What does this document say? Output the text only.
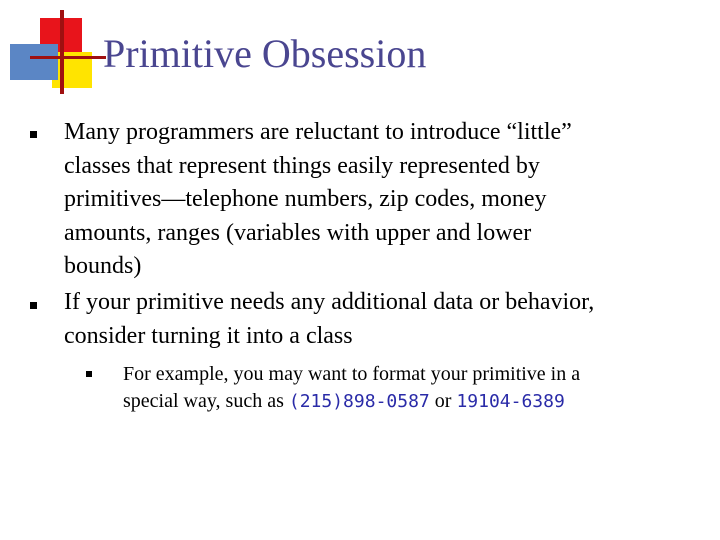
Primitive Obsession
Many programmers are reluctant to introduce “little”
classes that represent things easily represented by
primitives—telephone numbers, zip codes, money
amounts, ranges (variables with upper and lower
bounds)
If your primitive needs any additional data or behavior,
consider turning it into a class
For example, you may want to format your primitive in a
special way, such as (215)898-0587 or 19104-6389
